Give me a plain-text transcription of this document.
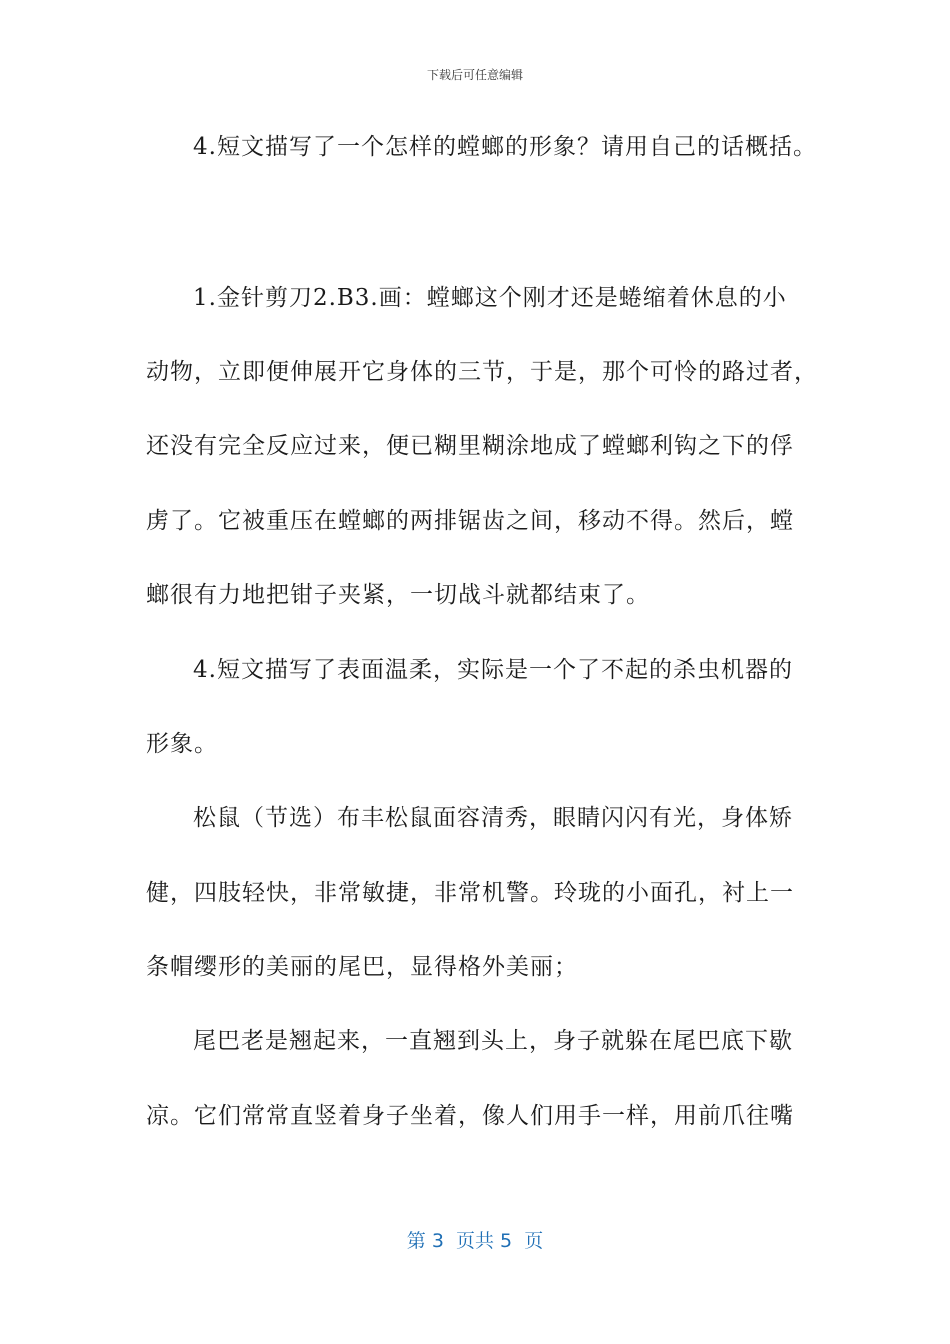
下载后可任意编辑
4.短文描写了一个怎样的螳螂的形象？请用自己的话概括。
1.金针剪刀2.B3.画：螳螂这个刚才还是蜷缩着休息的小
动物，立即便伸展开它身体的三节，于是，那个可怜的路过者，
还没有完全反应过来，便已糊里糊涂地成了螳螂利钩之下的俘
虏了。它被重压在螳螂的两排锯齿之间，移动不得。然后，螳
螂很有力地把钳子夹紧，一切战斗就都结束了。
4.短文描写了表面温柔，实际是一个了不起的杀虫机器的
形象。
松鼠（节选）布丰松鼠面容清秀，眼睛闪闪有光，身体矫
健，四肢轻快，非常敏捷，非常机警。玲珑的小面孔，衬上一
条帽缨形的美丽的尾巴，显得格外美丽；
尾巴老是翘起来，一直翘到头上，身子就躲在尾巴底下歇
凉。它们常常直竖着身子坐着，像人们用手一样，用前爪往嘴
第 3  页共 5  页
